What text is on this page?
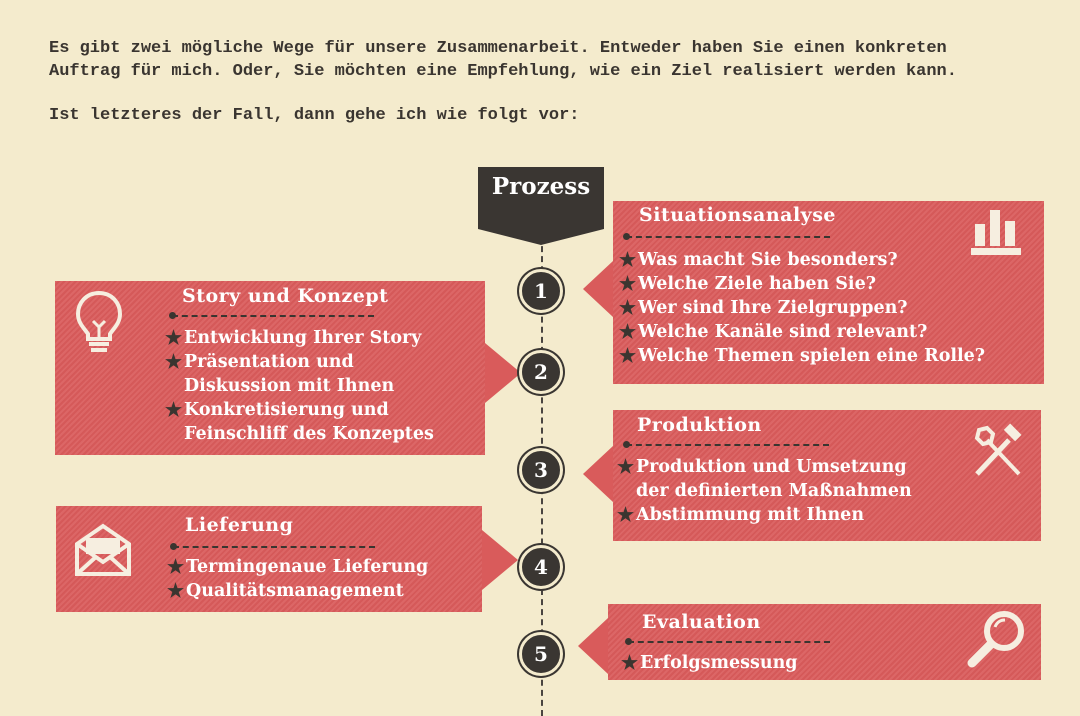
Es gibt zwei mögliche Wege für unsere Zusammenarbeit. Entweder haben Sie einen konkreten
Auftrag für mich. Oder, Sie möchten eine Empfehlung, wie ein Ziel realisiert werden kann.

Ist letzteres der Fall, dann gehe ich wie folgt vor:

Prozess
Situationsanalyse
★ Was macht Sie besonders?
★ Welche Ziele haben Sie?
★ Wer sind Ihre Zielgruppen?
★ Welche Kanäle sind relevant?
★ Welche Themen spielen eine Rolle?
Story und Konzept
★ Entwicklung Ihrer Story
★ Präsentation und Diskussion mit Ihnen
★ Konkretisierung und Feinschliff des Konzeptes	Produktion
★ Produktion und Umsetzung der definierten Maßnahmen
★ Abstimmung mit Ihnen
Lieferung
★ Termingenaue Lieferung
★ Qualitätsmanagement
Evaluation
★ Erfolgsmessung
1
2
3
4
5
